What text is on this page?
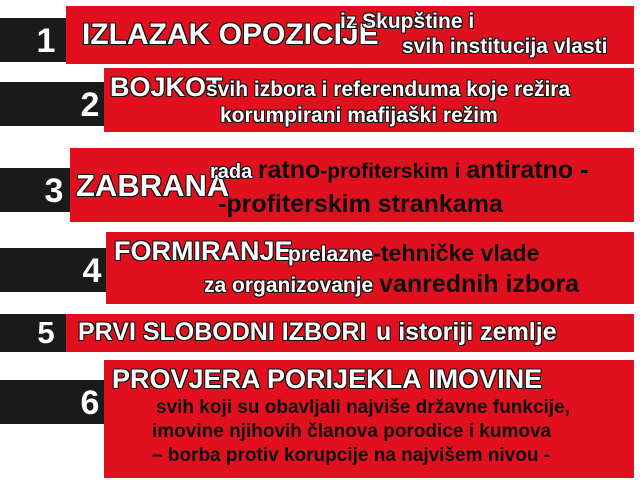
1 IZLAZAK OPOZICIJE
iz Skupštine i
svih institucija vlasti
2 BOJKOT
svih izbora i referenduma koje režira
korumpirani mafijaški režim
3 ZABRANA
rada ratno-profiterskim i antiratno -
-profiterskim strankama
4
FORMIRANJE
prelazne-tehničke vlade
za organizovanje vanrednih izbora
5 PRVI SLOBODNI IZBORI u istoriji zemlje
6
PROVJERA PORIJEKLA IMOVINE
svih koji su obavljali najviše državne funkcije,
imovine njihovih članova porodice i kumova
– borba protiv korupcije na najvišem nivou -
